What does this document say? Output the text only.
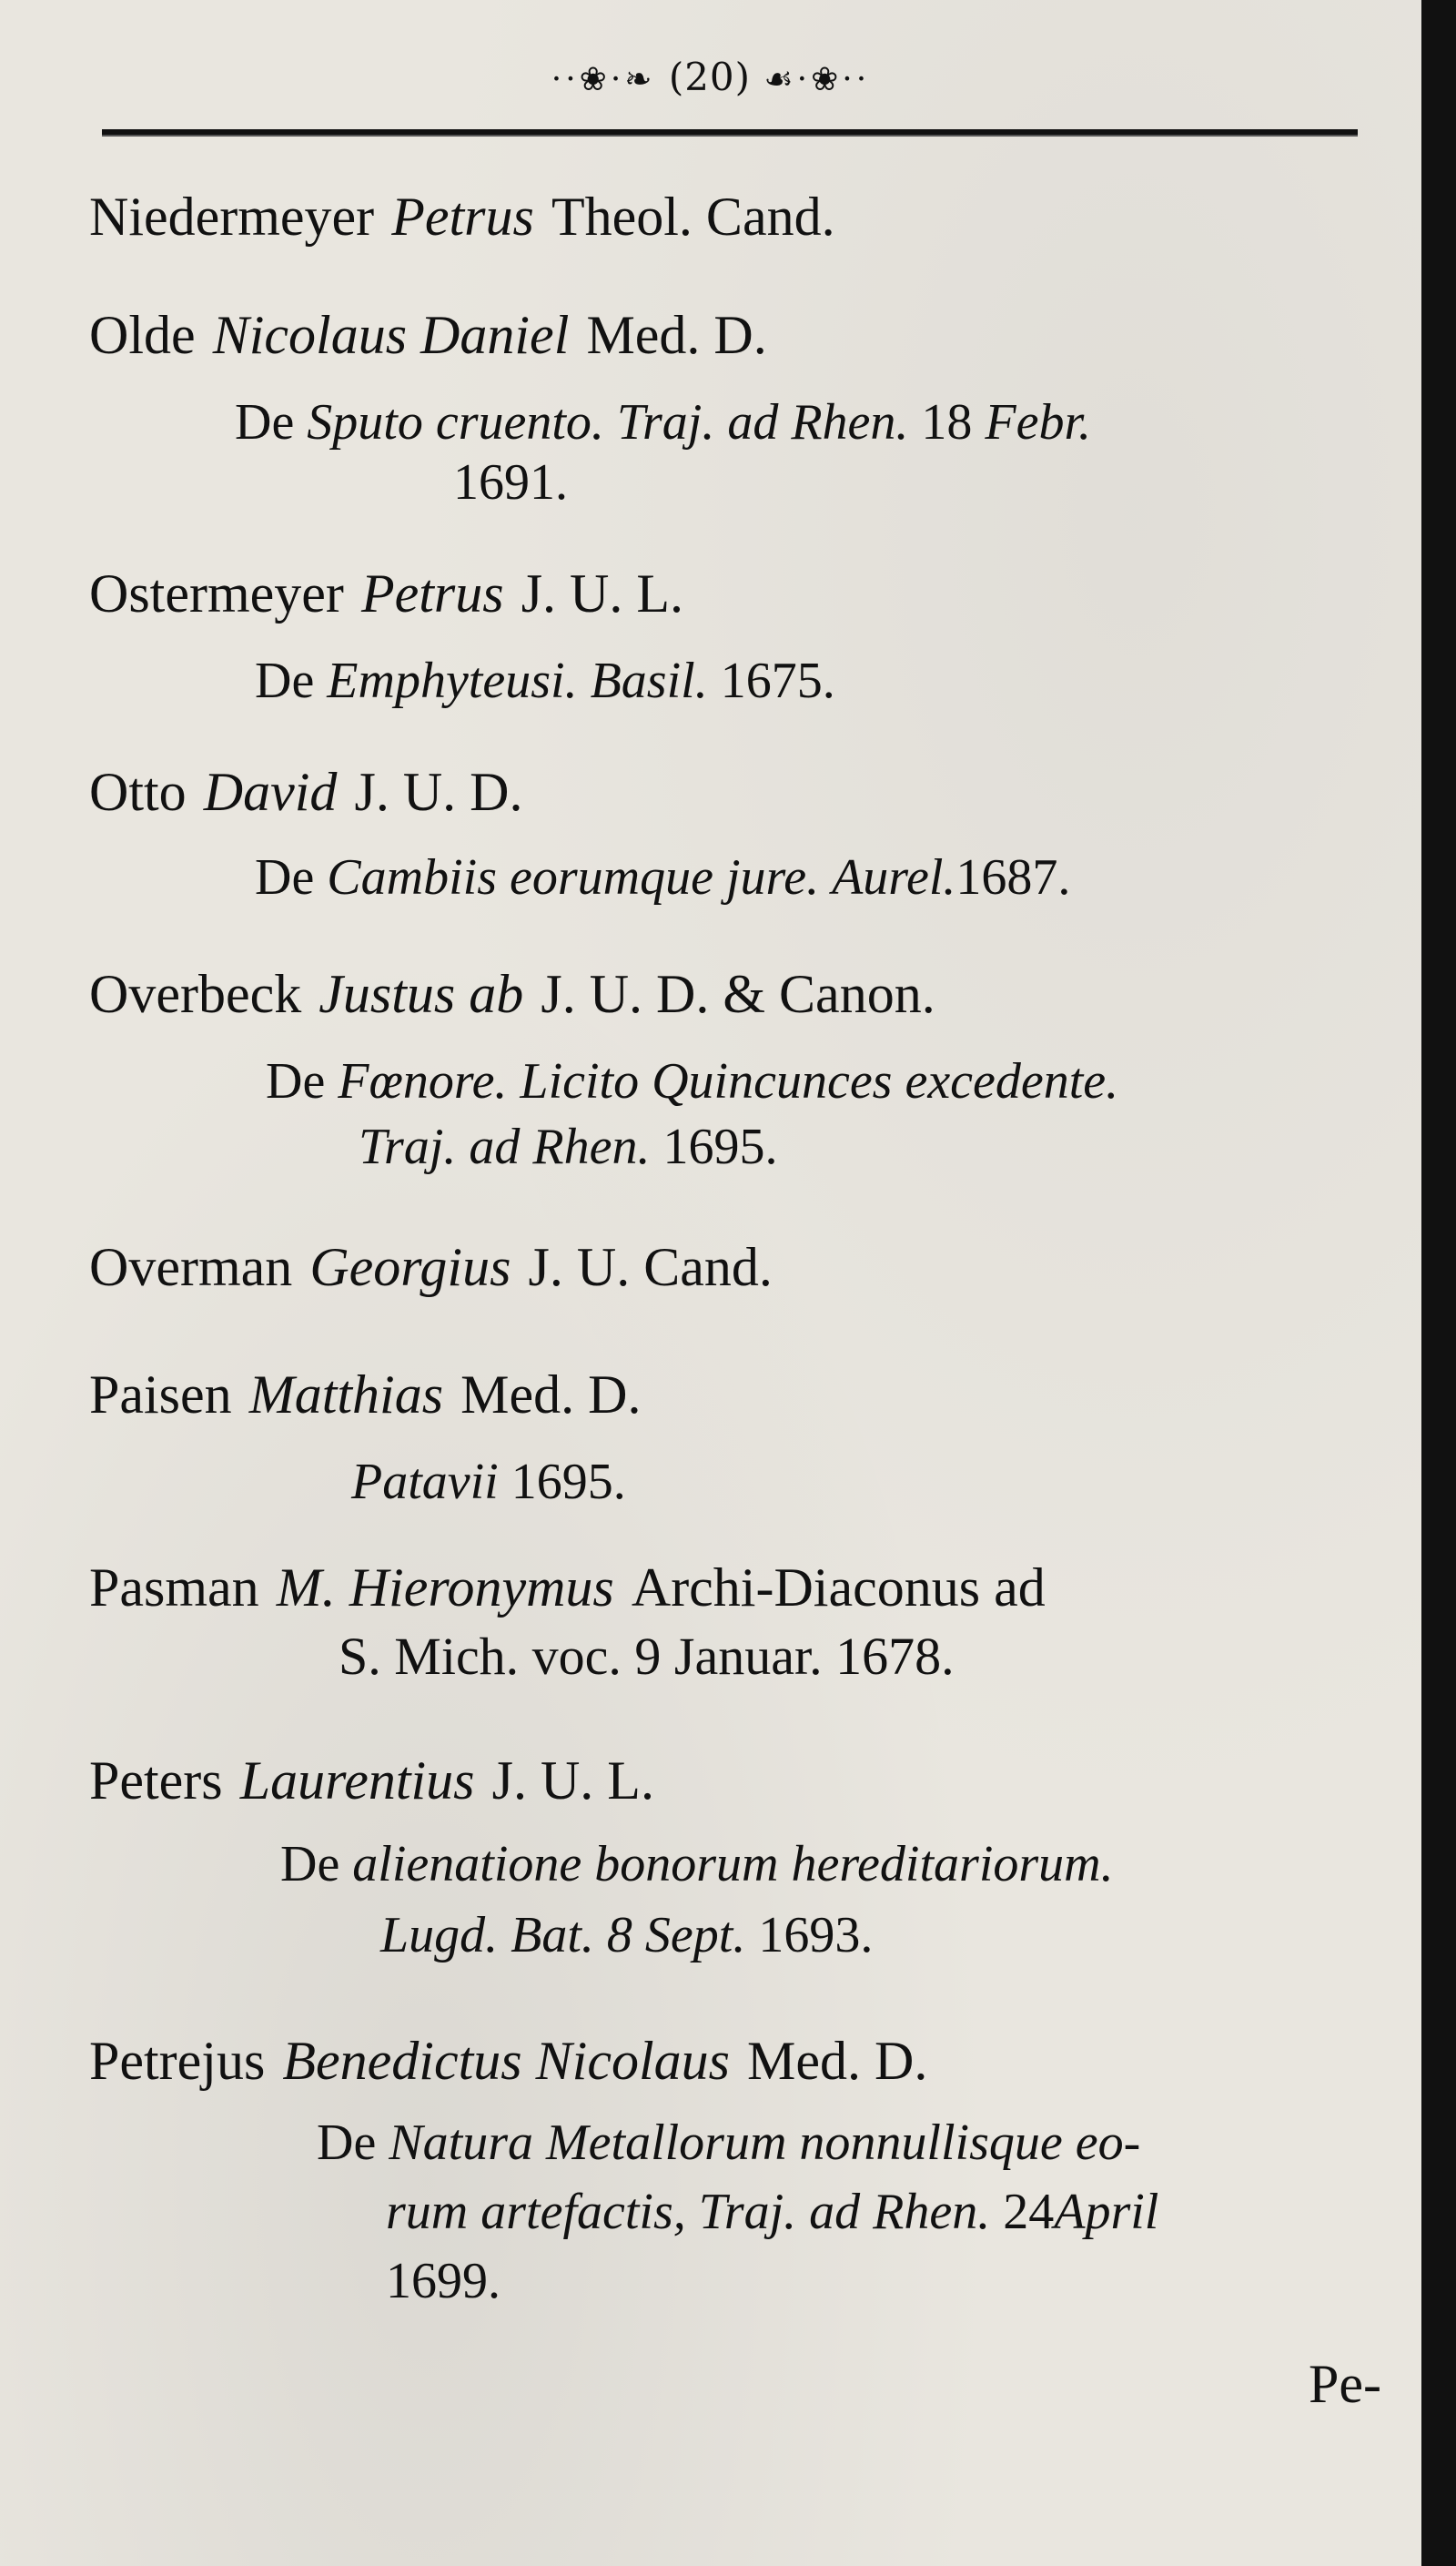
··❀·❧ (20) ☙·❀··
Niedermeyer Petrus Theol. Cand.
Olde Nicolaus Daniel Med. D.
De Sputo cruento. Traj. ad Rhen. 18 Febr.
1691.
Ostermeyer Petrus J. U. L.
De Emphyteusi. Basil. 1675.
Otto David J. U. D.
De Cambiis eorumque jure. Aurel.1687.
Overbeck Justus ab J. U. D. & Canon.
De Fœnore. Licito Quincunces excedente.
Traj. ad Rhen. 1695.
Overman Georgius J. U. Cand.
Paisen Matthias Med. D.
Patavii 1695.
Pasman M. Hieronymus Archi-Diaconus ad
S. Mich. voc. 9 Januar. 1678.
Peters Laurentius J. U. L.
De alienatione bonorum hereditariorum.
Lugd. Bat. 8 Sept. 1693.
Petrejus Benedictus Nicolaus Med. D.
De Natura Metallorum nonnullisque eo-
rum artefactis, Traj. ad Rhen. 24April
1699.
Pe-
